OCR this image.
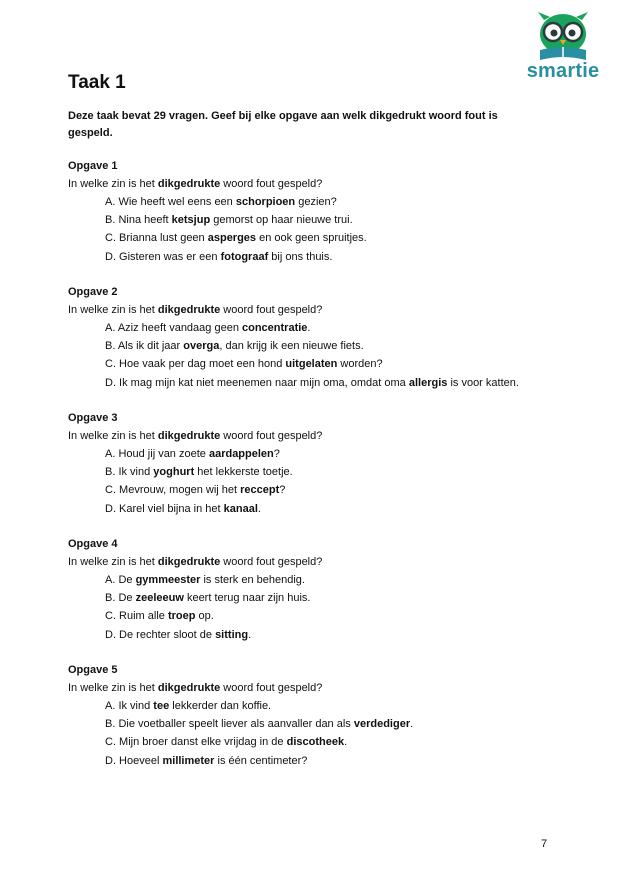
smartie
Taak 1
Deze taak bevat 29 vragen. Geef bij elke opgave aan welk dikgedrukt woord fout is gespeld.
Opgave 1

In welke zin is het dikgedrukte woord fout gespeld?

A. Wie heeft wel eens een schorpioen gezien?
B. Nina heeft ketsjup gemorst op haar nieuwe trui.
C. Brianna lust geen asperges en ook geen spruitjes.
D. Gisteren was er een fotograaf bij ons thuis.
Opgave 2

In welke zin is het dikgedrukte woord fout gespeld?

A. Aziz heeft vandaag geen concentratie.
B. Als ik dit jaar overga, dan krijg ik een nieuwe fiets.
C. Hoe vaak per dag moet een hond uitgelaten worden?
D. Ik mag mijn kat niet meenemen naar mijn oma, omdat oma allergis is voor katten.
Opgave 3

In welke zin is het dikgedrukte woord fout gespeld?

A. Houd jij van zoete aardappelen?
B. Ik vind yoghurt het lekkerste toetje.
C. Mevrouw, mogen wij het reccept?
D. Karel viel bijna in het kanaal.
Opgave 4

In welke zin is het dikgedrukte woord fout gespeld?

A. De gymmeester is sterk en behendig.
B. De zeeleeuw keert terug naar zijn huis.
C. Ruim alle troep op.
D. De rechter sloot de sitting.
Opgave 5

In welke zin is het dikgedrukte woord fout gespeld?

A. Ik vind tee lekkerder dan koffie.
B. Die voetballer speelt liever als aanvaller dan als verdediger.
C. Mijn broer danst elke vrijdag in de discotheek.
D. Hoeveel millimeter is één centimeter?
7
